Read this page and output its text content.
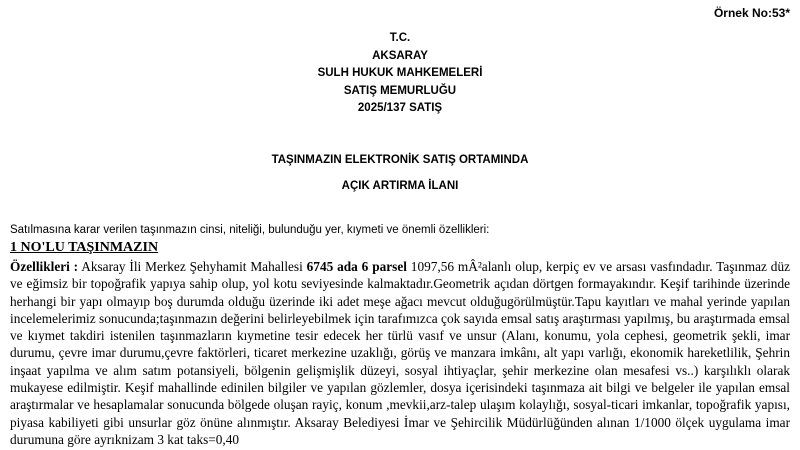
Örnek No:53*
T.C.
AKSARAY
SULH HUKUK MAHKEMELERİ
SATIŞ MEMURLUĞU
2025/137 SATIŞ
TAŞINMAZIN ELEKTRONİK SATIŞ ORTAMINDA
AÇIK ARTIRMA İLANI
Satılmasına karar verilen taşınmazın cinsi, niteliği, bulunduğu yer, kıymeti ve önemli özellikleri:
1 NO'LU TAŞINMAZIN
Özellikleri : Aksaray İli Merkez Şehyhamit Mahallesi 6745 ada 6 parsel 1097,56 mÂ²alanlı olup, kerpiç ev ve arsası vasfındadır. Taşınmaz düz ve eğimsiz bir topoğrafik yapıya sahip olup, yol kotu seviyesinde kalmaktadır.Geometrik açıdan dörtgen formayakındır. Keşif tarihinde üzerinde herhangi bir yapı olmayıp boş durumda olduğu üzerinde iki adet meşe ağacı mevcut olduğugörülmüştür.Tapu kayıtları ve mahal yerinde yapılan incelemelerimiz sonucunda;taşınmazın değerini belirleyebilmek için tarafımızca çok sayıda emsal satış araştırması yapılmış, bu araştırmada emsal ve kıymet takdiri istenilen taşınmazların kıymetine tesir edecek her türlü vasıf ve unsur (Alanı, konumu, yola cephesi, geometrik şekli, imar durumu, çevre imar durumu,çevre faktörleri, ticaret merkezine uzaklığı, görüş ve manzara imkânı, alt yapı varlığı, ekonomik hareketlilik, Şehrin inşaat yapılma ve alım satım potansiyeli, bölgenin gelişmişlik düzeyi, sosyal ihtiyaçlar, şehir merkezine olan mesafesi vs..) karşılıklı olarak mukayese edilmiştir. Keşif mahallinde edinilen bilgiler ve yapılan gözlemler, dosya içerisindeki taşınmaza ait bilgi ve belgeler ile yapılan emsal araştırmalar ve hesaplamalar sonucunda bölgede oluşan rayiç, konum ,mevkii,arz-talep ulaşım kolaylığı, sosyal-ticari imkanlar, topoğrafik yapısı, piyasa kabiliyeti gibi unsurlar göz önüne alınmıştır. Aksaray Belediyesi İmar ve Şehircilik Müdürlüğünden alınan 1/1000 ölçek uygulama imar durumuna göre ayrıknizam 3 kat taks=0,40
